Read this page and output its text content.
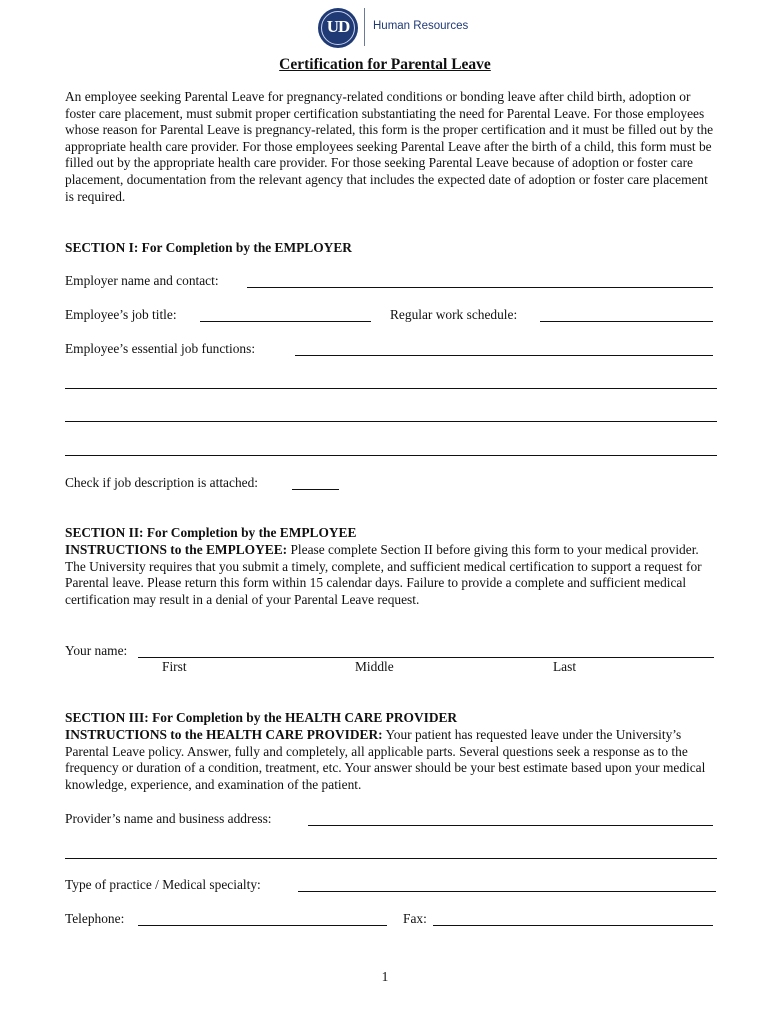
UD	Human Resources
Certification for Parental Leave

An employee seeking Parental Leave for pregnancy-related conditions or bonding leave after child birth, adoption or foster care placement, must submit proper certification substantiating the need for Parental Leave. For those employees whose reason for Parental Leave is pregnancy-related, this form is the proper certification and it must be filled out by the appropriate health care provider. For those employees seeking Parental Leave after the birth of a child, this form must be filled out by the appropriate health care provider. For those seeking Parental Leave because of adoption or foster care placement, documentation from the relevant agency that includes the expected date of adoption or foster care placement is required.

SECTION I: For Completion by the EMPLOYER
Employer name and contact:
Employee’s job title:	Regular work schedule:
Employee’s essential job functions:
Check if job description is attached:
SECTION II: For Completion by the EMPLOYEE

INSTRUCTIONS to the EMPLOYEE: Please complete Section II before giving this form to your medical provider. The University requires that you submit a timely, complete, and sufficient medical certification to support a request for Parental leave. Please return this form within 15 calendar days. Failure to provide a complete and sufficient medical certification may result in a denial of your Parental Leave request.

Your name:
First	Middle	Last
SECTION III: For Completion by the HEALTH CARE PROVIDER

INSTRUCTIONS to the HEALTH CARE PROVIDER: Your patient has requested leave under the University’s Parental Leave policy. Answer, fully and completely, all applicable parts. Several questions seek a response as to the frequency or duration of a condition, treatment, etc. Your answer should be your best estimate based upon your medical knowledge, experience, and examination of the patient.

Provider’s name and business address:
Type of practice / Medical specialty:
Telephone:	Fax:
1
